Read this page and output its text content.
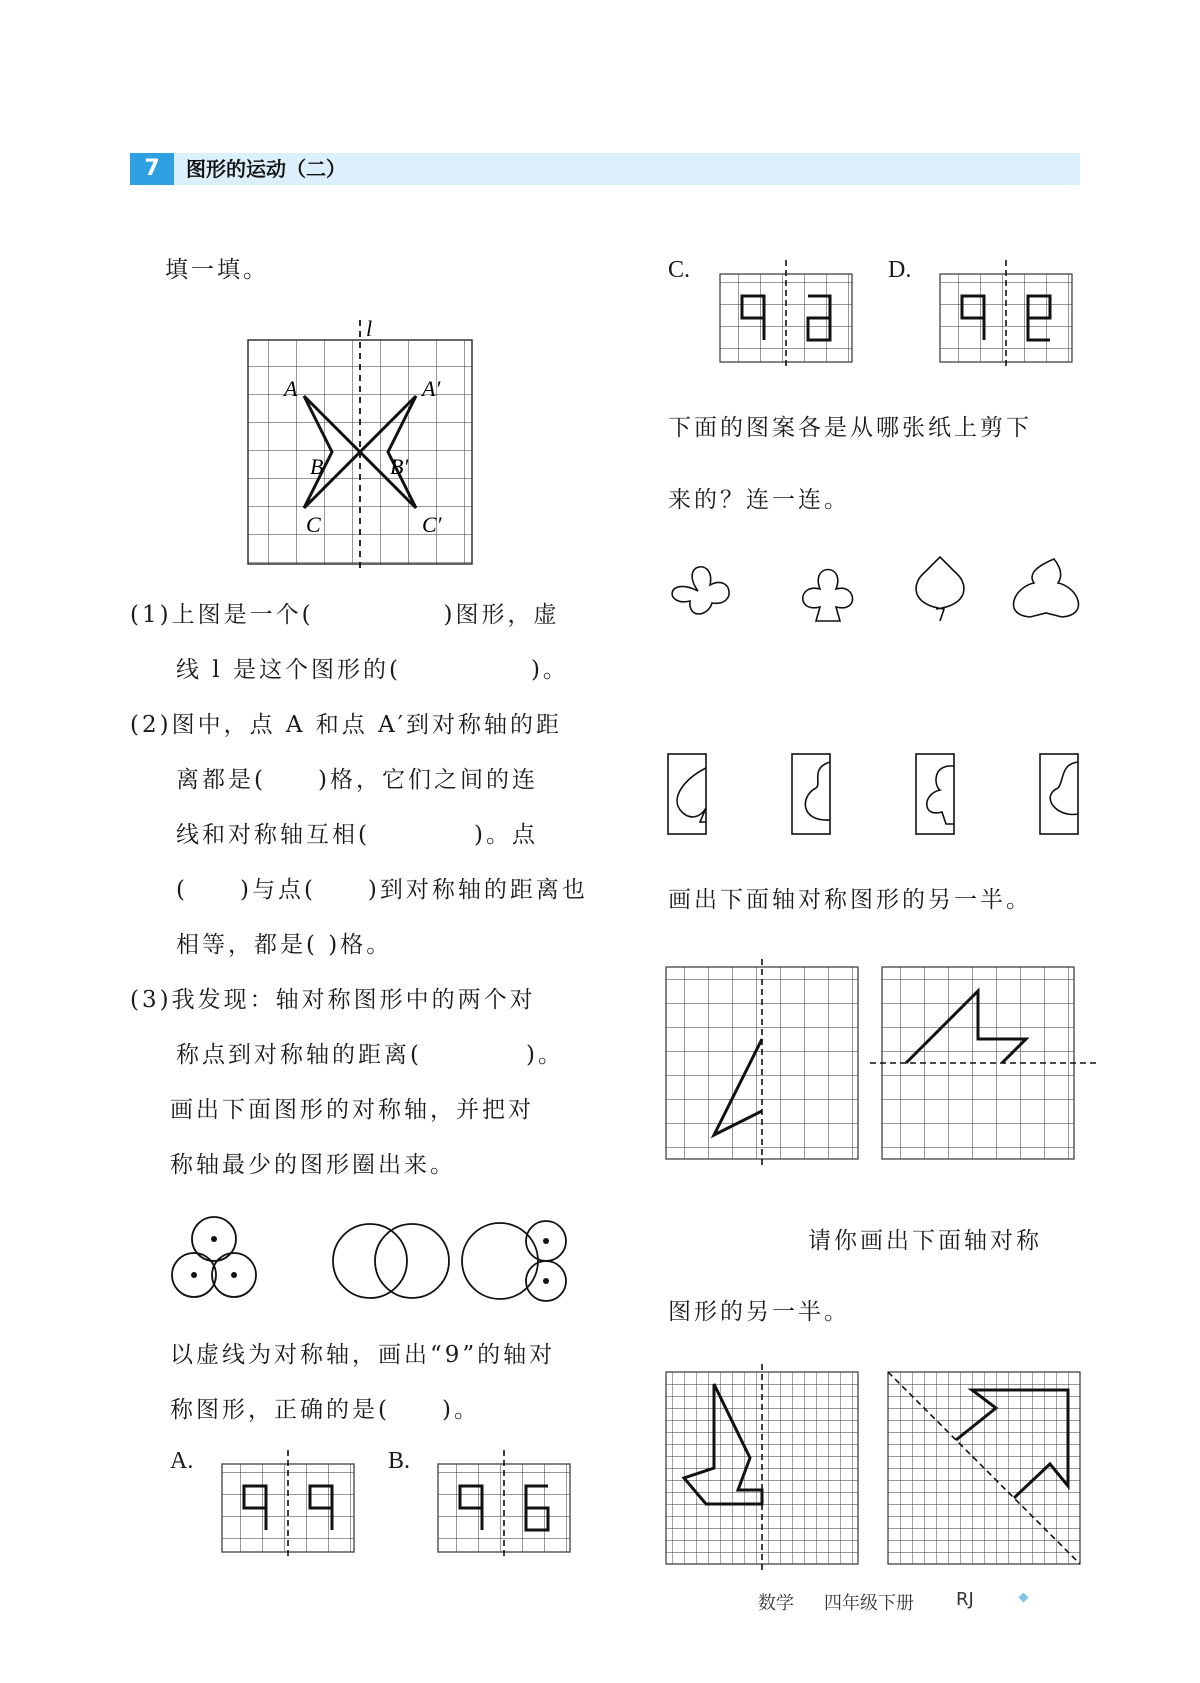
7	图形的运动（二）
填一填。
l
A	A′
B	B′
C	C′
(1)上图是一个(　　　　　)图形，虚
线 l 是这个图形的(　　　　　)。
(2)图中，点 A 和点 A′到对称轴的距
离都是(　　)格，它们之间的连
线和对称轴互相(　　　　)。点
(　　)与点(　　)到对称轴的距离也
相等，都是( )格。
(3)我发现：轴对称图形中的两个对
称点到对称轴的距离(　　　　)。
画出下面图形的对称轴，并把对
称轴最少的图形圈出来。
以虚线为对称轴，画出“9”的轴对
称图形，正确的是(　　)。
A.	B.
C.	D.
下面的图案各是从哪张纸上剪下
来的？连一连。
画出下面轴对称图形的另一半。
请你画出下面轴对称
图形的另一半。
数学 四年级下册 RJ
